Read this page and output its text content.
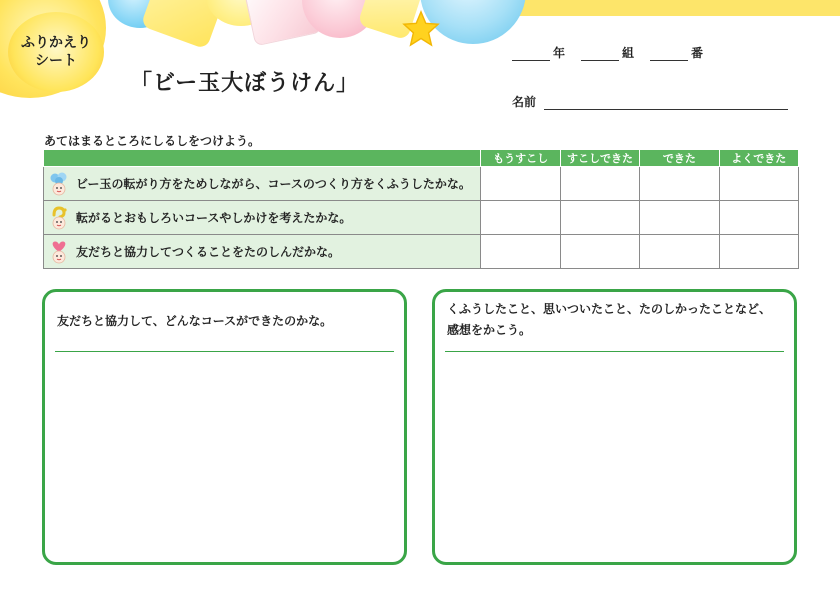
ふりかえり
シート
「ビー玉大ぼうけん」
年	組	番
名前
あてはまるところにしるしをつけよう。
	もうすこし	すこしできた	できた	よくできた

ビー玉の転がり方をためしながら、コースのつくり方をくふうしたかな。				

転がるとおもしろいコースやしかけを考えたかな。				

友だちと協力してつくることをたのしんだかな。				

友だちと協力して、どんなコースができたのかな。
くふうしたこと、思いついたこと、たのしかったことなど、
感想をかこう。
